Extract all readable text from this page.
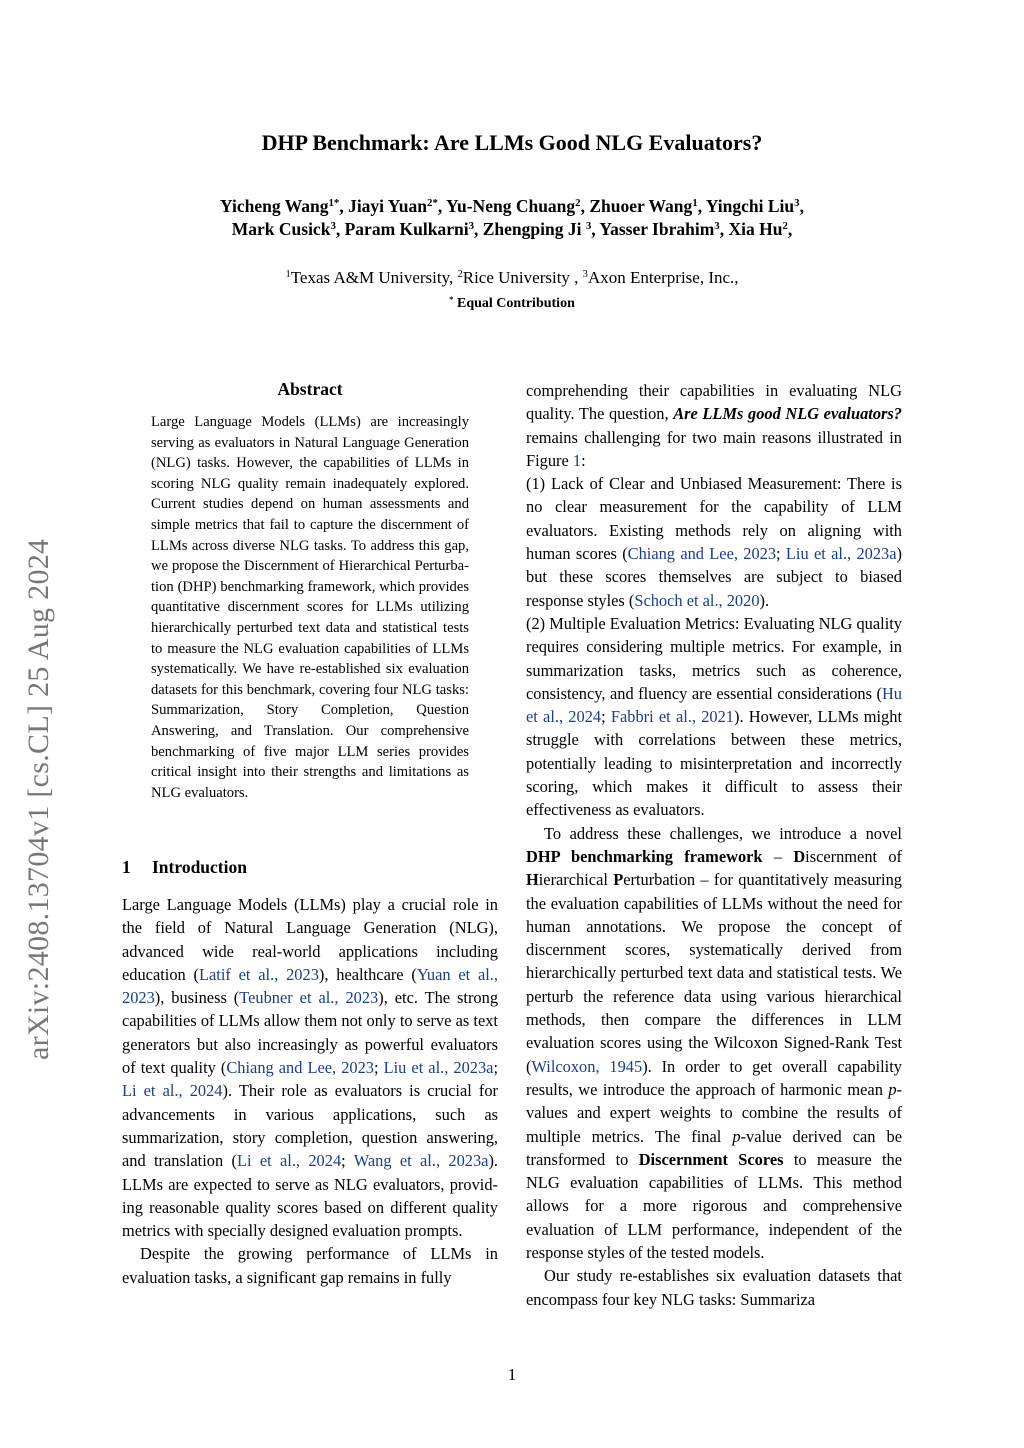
arXiv:2408.13704v1 [cs.CL] 25 Aug 2024
DHP Benchmark: Are LLMs Good NLG Evaluators?
Yicheng Wang$^{1*}$, Jiayi Yuan$^{2*}$, Yu-Neng Chuang$^2$, Zhuoer Wang$^1$, Yingchi Liu$^3$,
Mark Cusick$^3$, Param Kulkarni$^3$, Zhengping Ji $^3$, Yasser Ibrahim$^3$, Xia Hu$^2$,
$^1$Texas A&M University, $^2$Rice University , $^3$Axon Enterprise, Inc.,
* Equal Contribution
Abstract
Large Language Models (LLMs) are increasingly serving as evaluators in Natural Language Generation (NLG) tasks. However, the capabilities of LLMs in scoring NLG quality remain inadequately explored. Current studies depend on human assessments and simple metrics that fail to capture the discernment of LLMs across diverse NLG tasks. To address this gap, we propose the Discernment of Hierarchical Perturbation (DHP) benchmarking framework, which provides quantitative discernment scores for LLMs utilizing hierarchically perturbed text data and statistical tests to measure the NLG evaluation capabilities of LLMs systematically. We have re-established six evaluation datasets for this benchmark, covering four NLG tasks: Summarization, Story Completion, Question Answering, and Translation. Our comprehensive benchmarking of five major LLM series provides critical insight into their strengths and limitations as NLG evaluators.
1 Introduction

Large Language Models (LLMs) play a crucial role in the field of Natural Language Generation (NLG), advanced wide real-world applications including education (Latif et al., 2023), healthcare (Yuan et al., 2023), business (Teubner et al., 2023), etc. The strong capabilities of LLMs allow them not only to serve as text generators but also increasingly as powerful evaluators of text quality (Chiang and Lee, 2023; Liu et al., 2023a; Li et al., 2024). Their role as evaluators is crucial for advancements in various applications, such as summarization, story completion, question answering, and translation (Li et al., 2024; Wang et al., 2023a). LLMs are expected to serve as NLG evaluators, providing reasonable quality scores based on different quality metrics with specially designed evaluation prompts.

Despite the growing performance of LLMs in evaluation tasks, a significant gap remains in fully

comprehending their capabilities in evaluating NLG quality. The question, Are LLMs good NLG evaluators? remains challenging for two main reasons illustrated in Figure 1:

(1) Lack of Clear and Unbiased Measurement: There is no clear measurement for the capability of LLM evaluators. Existing methods rely on aligning with human scores (Chiang and Lee, 2023; Liu et al., 2023a) but these scores themselves are subject to biased response styles (Schoch et al., 2020).

(2) Multiple Evaluation Metrics: Evaluating NLG quality requires considering multiple metrics. For example, in summarization tasks, metrics such as coherence, consistency, and fluency are essential considerations (Hu et al., 2024; Fabbri et al., 2021). However, LLMs might struggle with correlations between these metrics, potentially leading to misinterpretation and incorrectly scoring, which makes it difficult to assess their effectiveness as evaluators.

To address these challenges, we introduce a novel DHP benchmarking framework – Discernment of Hierarchical Perturbation – for quantitatively measuring the evaluation capabilities of LLMs without the need for human annotations. We propose the concept of discernment scores, systematically derived from hierarchically perturbed text data and statistical tests. We perturb the reference data using various hierarchical methods, then compare the differences in LLM evaluation scores using the Wilcoxon Signed-Rank Test (Wilcoxon, 1945). In order to get overall capability results, we introduce the approach of harmonic mean p-values and expert weights to combine the results of multiple metrics. The final p-value derived can be transformed to Discernment Scores to measure the NLG evaluation capabilities of LLMs. This method allows for a more rigorous and comprehensive evaluation of LLM performance, independent of the response styles of the tested models.

Our study re-establishes six evaluation datasets that encompass four key NLG tasks: Summariza

1
